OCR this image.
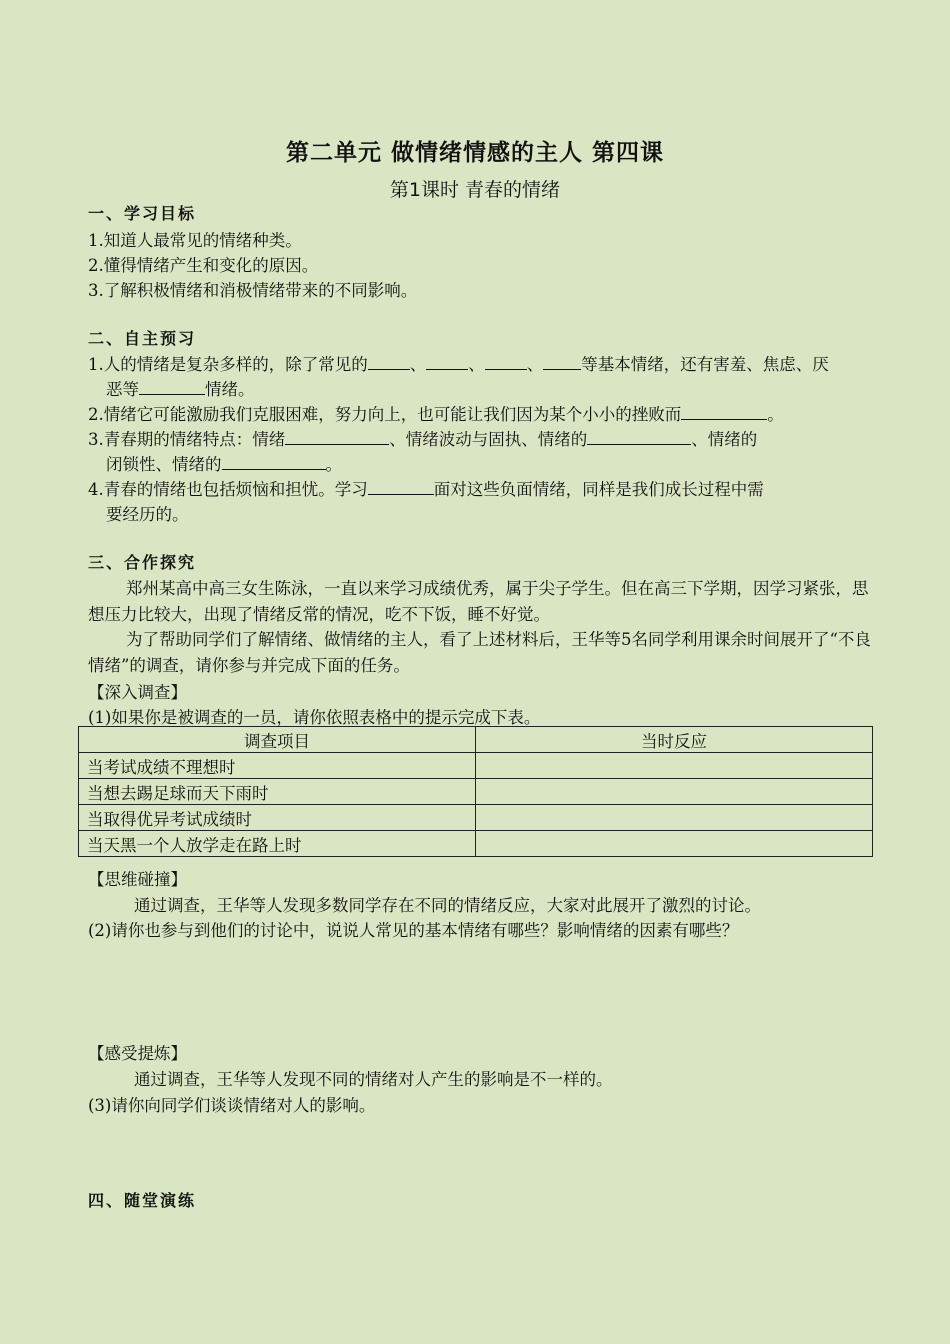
第二单元 做情绪情感的主人 第四课
第1课时 青春的情绪
一、学习目标
1.知道人最常见的情绪种类。
2.懂得情绪产生和变化的原因。
3.了解积极情绪和消极情绪带来的不同影响。
二、自主预习
1.人的情绪是复杂多样的，除了常见的	、	、	、 等基本情绪，还有害羞、焦虑、厌
恶等	情绪。
2.情绪它可能激励我们克服困难，努力向上，也可能让我们因为某个小小的挫败而	。
3.青春期的情绪特点：情绪	、情绪波动与固执、情绪的	、情绪的
闭锁性、情绪的	。
4.青春的情绪也包括烦恼和担忧。学习	面对这些负面情绪，同样是我们成长过程中需
要经历的。
三、合作探究
郑州某高中高三女生陈泳，一直以来学习成绩优秀，属于尖子学生。但在高三下学期，因学习紧张，思想压力比较大，出现了情绪反常的情况，吃不下饭，睡不好觉。
为了帮助同学们了解情绪、做情绪的主人，看了上述材料后，王华等5名同学利用课余时间展开了“不良情绪”的调查，请你参与并完成下面的任务。
【深入调查】
(1)如果你是被调查的一员，请你依照表格中的提示完成下表。
调查项目	当时反应
当考试成绩不理想时	
当想去踢足球而天下雨时	
当取得优异考试成绩时	
当天黑一个人放学走在路上时	
【思维碰撞】
通过调查，王华等人发现多数同学存在不同的情绪反应，大家对此展开了激烈的讨论。
(2)请你也参与到他们的讨论中，说说人常见的基本情绪有哪些？影响情绪的因素有哪些？
【感受提炼】
通过调查，王华等人发现不同的情绪对人产生的影响是不一样的。
(3)请你向同学们谈谈情绪对人的影响。
四、随堂演练
